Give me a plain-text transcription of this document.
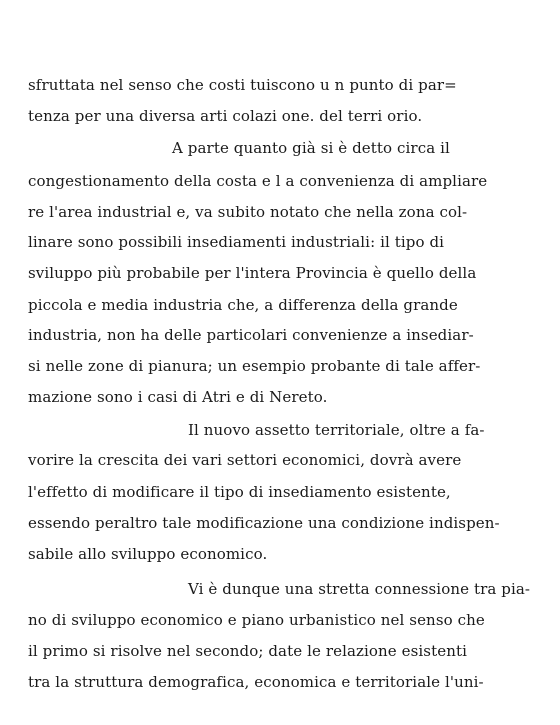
sfruttata nel senso che costi tuiscono u n punto di par=
tenza per una diversa arti colazi one. del terri orio.
A parte quanto già si è detto circa il
congestionamento della costa e l a convenienza di ampliare
re l'area industrial e, va subito notato che nella zona col-
linare sono possibili insediamenti industriali: il tipo di
sviluppo più probabile per l'intera Provincia è quello della
piccola e media industria che, a differenza della grande
industria, non ha delle particolari convenienze a insediar-
si nelle zone di pianura; un esempio probante di tale affer-
mazione sono i casi di Atri e di Nereto.
Il nuovo assetto territoriale, oltre a fa-
vorire la crescita dei vari settori economici, dovrà avere
l'effetto di modificare il tipo di insediamento esistente,
essendo peraltro tale modificazione una condizione indispen-
sabile allo sviluppo economico.
Vi è dunque una stretta connessione tra pia-
no di sviluppo economico e piano urbanistico nel senso che
il primo si risolve nel secondo; date le relazione esistenti
tra la struttura demografica, economica e territoriale l'uni-
